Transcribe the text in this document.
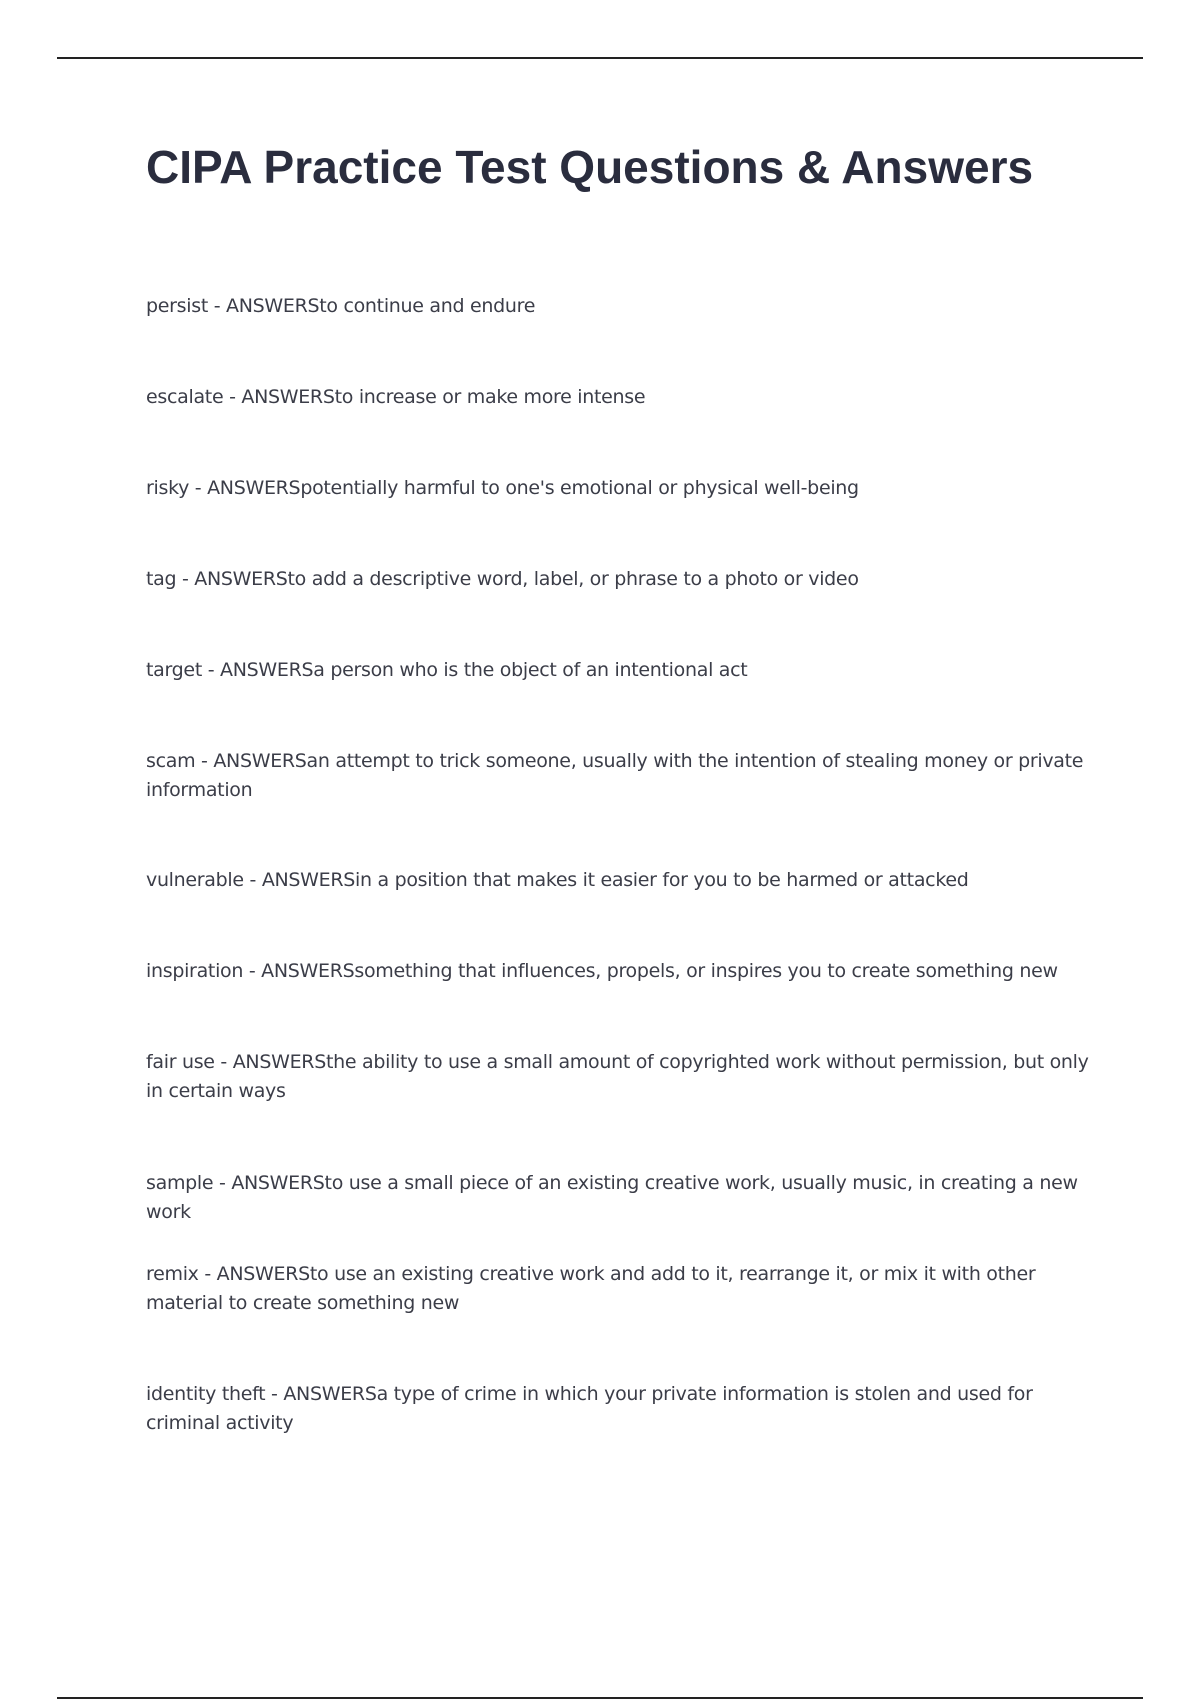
CIPA Practice Test Questions & Answers
persist - ANSWERSto continue and endure
escalate - ANSWERSto increase or make more intense
risky - ANSWERSpotentially harmful to one's emotional or physical well-being
tag - ANSWERSto add a descriptive word, label, or phrase to a photo or video
target - ANSWERSa person who is the object of an intentional act
scam - ANSWERSan attempt to trick someone, usually with the intention of stealing money or private information
vulnerable - ANSWERSin a position that makes it easier for you to be harmed or attacked
inspiration - ANSWERSsomething that influences, propels, or inspires you to create something new
fair use - ANSWERSthe ability to use a small amount of copyrighted work without permission, but only in certain ways
sample - ANSWERSto use a small piece of an existing creative work, usually music, in creating a new work
remix - ANSWERSto use an existing creative work and add to it, rearrange it, or mix it with other material to create something new
identity theft - ANSWERSa type of crime in which your private information is stolen and used for criminal activity
